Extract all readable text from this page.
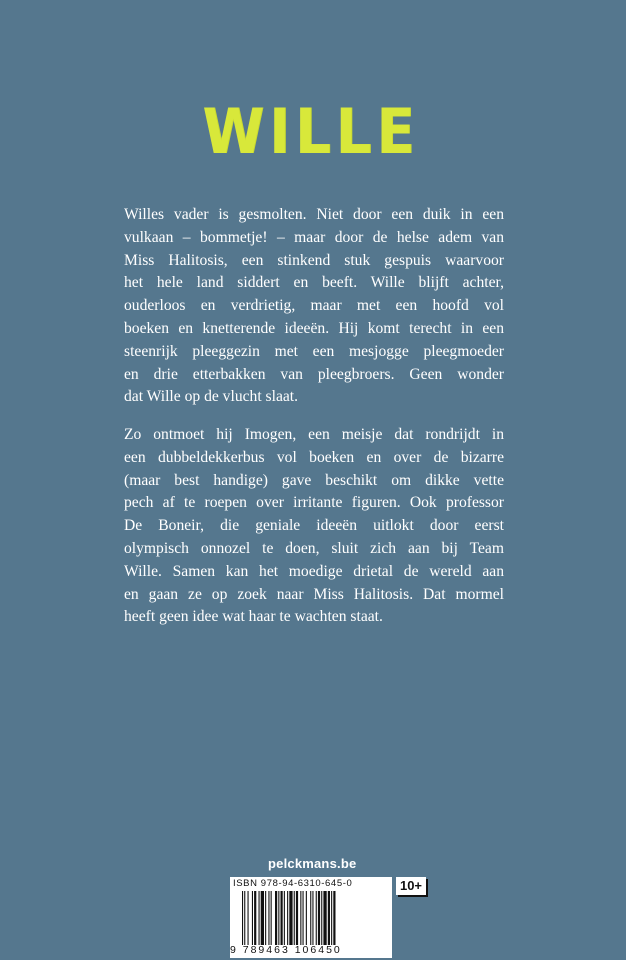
WILLE
Willes vader is gesmolten. Niet door een duik in een
vulkaan – bommetje! – maar door de helse adem van
Miss Halitosis, een stinkend stuk gespuis waarvoor
het hele land siddert en beeft. Wille blijft achter,
ouderloos en verdrietig, maar met een hoofd vol
boeken en knetterende ideeën. Hij komt terecht in een
steenrijk pleeggezin met een mesjogge pleegmoeder
en drie etterbakken van pleegbroers. Geen wonder
dat Wille op de vlucht slaat.
Zo ontmoet hij Imogen, een meisje dat rondrijdt in
een dubbeldekkerbus vol boeken en over de bizarre
(maar best handige) gave beschikt om dikke vette
pech af te roepen over irritante figuren. Ook professor
De Boneir, die geniale ideeën uitlokt door eerst
olympisch onnozel te doen, sluit zich aan bij Team
Wille. Samen kan het moedige drietal de wereld aan
en gaan ze op zoek naar Miss Halitosis. Dat mormel
heeft geen idee wat haar te wachten staat.
pelckmans.be
ISBN 978-94-6310-645-0
9 789463 106450
10+
